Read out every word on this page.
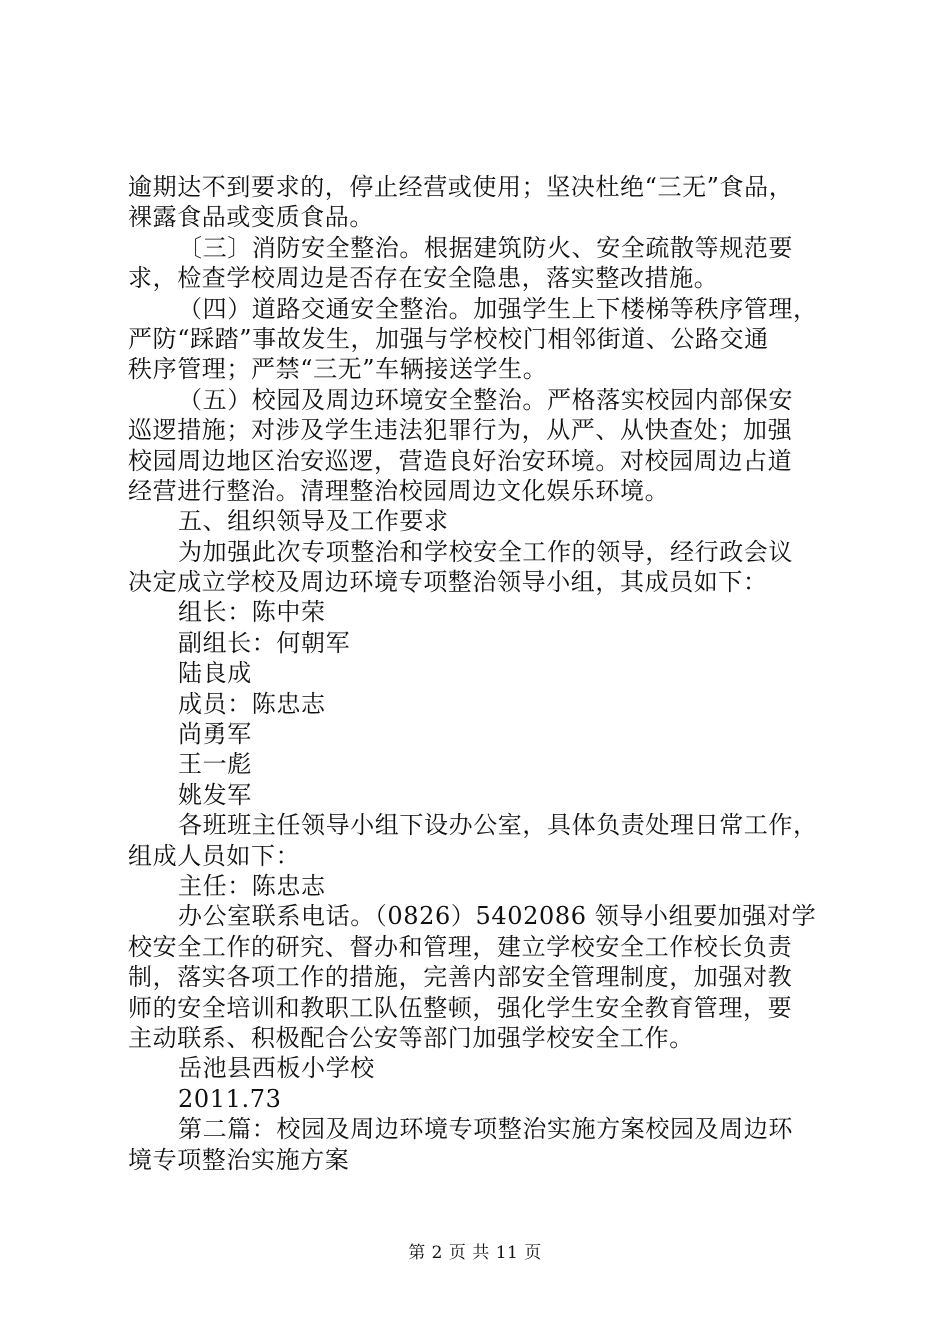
逾期达不到要求的，停止经营或使用；坚决杜绝“三无”食品，
裸露食品或变质食品。
〔三〕消防安全整治。根据建筑防火、安全疏散等规范要
求，检查学校周边是否存在安全隐患，落实整改措施。
（四）道路交通安全整治。加强学生上下楼梯等秩序管理，
严防“踩踏”事故发生，加强与学校校门相邻街道、公路交通
秩序管理；严禁“三无”车辆接送学生。
（五）校园及周边环境安全整治。严格落实校园内部保安
巡逻措施；对涉及学生违法犯罪行为，从严、从快查处；加强
校园周边地区治安巡逻，营造良好治安环境。对校园周边占道
经营进行整治。清理整治校园周边文化娱乐环境。
五、组织领导及工作要求
为加强此次专项整治和学校安全工作的领导，经行政会议
决定成立学校及周边环境专项整治领导小组，其成员如下：
组长：陈中荣
副组长：何朝军
陆良成
成员：陈忠志
尚勇军
王一彪
姚发军
各班班主任领导小组下设办公室，具体负责处理日常工作，
组成人员如下：
主任：陈忠志
办公室联系电话。（0826）5402086 领导小组要加强对学
校安全工作的研究、督办和管理，建立学校安全工作校长负责
制，落实各项工作的措施，完善内部安全管理制度，加强对教
师的安全培训和教职工队伍整顿，强化学生安全教育管理，要
主动联系、积极配合公安等部门加强学校安全工作。
岳池县西板小学校
2011.73
第二篇：校园及周边环境专项整治实施方案校园及周边环
境专项整治实施方案
第 2 页 共 11 页
